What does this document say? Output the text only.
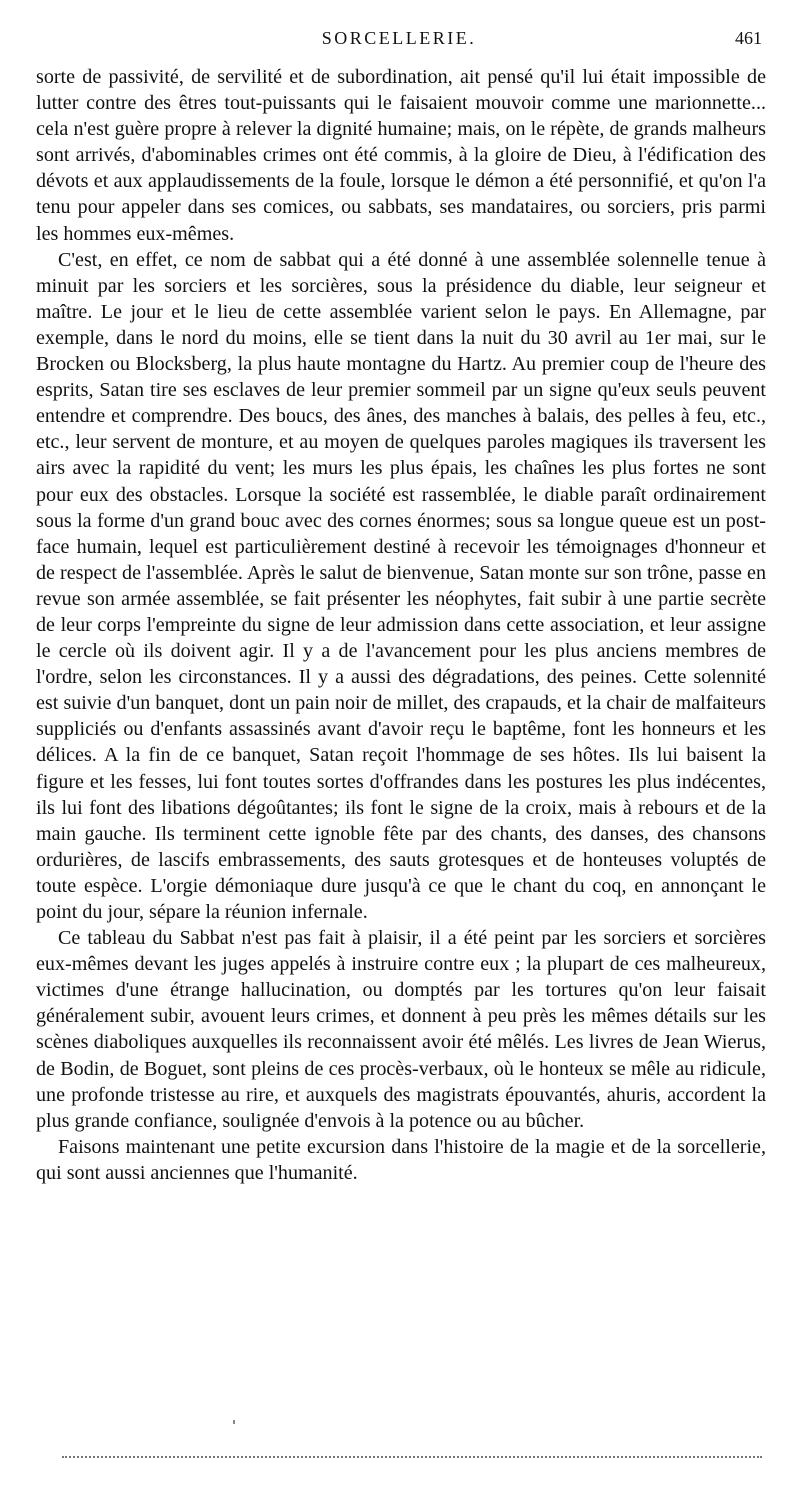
SORCELLERIE.	461

sorte de passivité, de servilité et de subordination, ait pensé qu'il lui était impossible de lutter contre des êtres tout-puissants qui le faisaient mouvoir comme une marionnette... cela n'est guère propre à relever la dignité humaine; mais, on le répète, de grands malheurs sont arrivés, d'abominables crimes ont été commis, à la gloire de Dieu, à l'édification des dévots et aux applaudissements de la foule, lorsque le démon a été personnifié, et qu'on l'a tenu pour appeler dans ses comices, ou sabbats, ses mandataires, ou sorciers, pris parmi les hommes eux-mêmes.

C'est, en effet, ce nom de sabbat qui a été donné à une assemblée solennelle tenue à minuit par les sorciers et les sorcières, sous la présidence du diable, leur seigneur et maître. Le jour et le lieu de cette assemblée varient selon le pays. En Allemagne, par exemple, dans le nord du moins, elle se tient dans la nuit du 30 avril au 1er mai, sur le Brocken ou Blocksberg, la plus haute montagne du Hartz. Au premier coup de l'heure des esprits, Satan tire ses esclaves de leur premier sommeil par un signe qu'eux seuls peuvent entendre et comprendre. Des boucs, des ânes, des manches à balais, des pelles à feu, etc., etc., leur servent de monture, et au moyen de quelques paroles magiques ils traversent les airs avec la rapidité du vent; les murs les plus épais, les chaînes les plus fortes ne sont pour eux des obstacles. Lorsque la société est rassemblée, le diable paraît ordinairement sous la forme d'un grand bouc avec des cornes énormes; sous sa longue queue est un post-face humain, lequel est particulièrement destiné à recevoir les témoignages d'honneur et de respect de l'assemblée. Après le salut de bienvenue, Satan monte sur son trône, passe en revue son armée assemblée, se fait présenter les néophytes, fait subir à une partie secrète de leur corps l'empreinte du signe de leur admission dans cette association, et leur assigne le cercle où ils doivent agir. Il y a de l'avancement pour les plus anciens membres de l'ordre, selon les circonstances. Il y a aussi des dégradations, des peines. Cette solennité est suivie d'un banquet, dont un pain noir de millet, des crapauds, et la chair de malfaiteurs suppliciés ou d'enfants assassinés avant d'avoir reçu le baptême, font les honneurs et les délices. A la fin de ce banquet, Satan reçoit l'hommage de ses hôtes. Ils lui baisent la figure et les fesses, lui font toutes sortes d'offrandes dans les postures les plus indécentes, ils lui font des libations dégoûtantes; ils font le signe de la croix, mais à rebours et de la main gauche. Ils terminent cette ignoble fête par des chants, des danses, des chansons ordurières, de lascifs embrassements, des sauts grotesques et de honteuses voluptés de toute espèce. L'orgie démoniaque dure jusqu'à ce que le chant du coq, en annonçant le point du jour, sépare la réunion infernale.

Ce tableau du Sabbat n'est pas fait à plaisir, il a été peint par les sorciers et sorcières eux-mêmes devant les juges appelés à instruire contre eux ; la plupart de ces malheureux, victimes d'une étrange hallucination, ou domptés par les tortures qu'on leur faisait généralement subir, avouent leurs crimes, et donnent à peu près les mêmes détails sur les scènes diaboliques auxquelles ils reconnaissent avoir été mêlés. Les livres de Jean Wierus, de Bodin, de Boguet, sont pleins de ces procès-verbaux, où le honteux se mêle au ridicule, une profonde tristesse au rire, et auxquels des magistrats épouvantés, ahuris, accordent la plus grande confiance, soulignée d'envois à la potence ou au bûcher.

Faisons maintenant une petite excursion dans l'histoire de la magie et de la sorcellerie, qui sont aussi anciennes que l'humanité.
